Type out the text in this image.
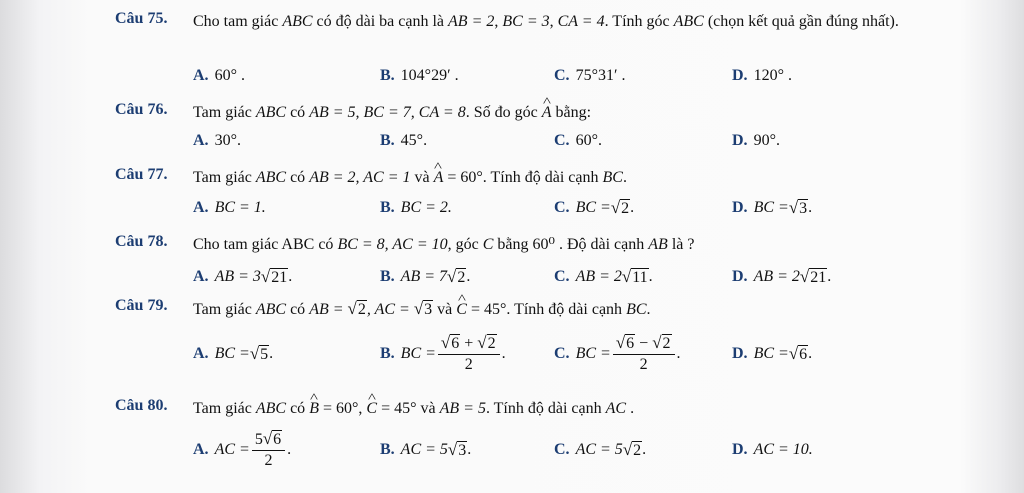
Câu 75. Cho tam giác ABC có độ dài ba cạnh là AB = 2, BC = 3, CA = 4. Tính góc ABC (chọn kết quả gần đúng nhất).
A. 60° .	B. 104°29′ .	C. 75°31′ .	D. 120° .
Câu 76. Tam giác ABC có AB = 5, BC = 7, CA = 8. Số đo góc ^ A bằng:
A. 30°.	B. 45°.	C. 60°.	D. 90°.
Câu 77. Tam giác ABC có AB = 2, AC = 1 và ^ A = 60°. Tính độ dài cạnh BC.
A. BC = 1.	B. BC = 2.	C. BC = √2 .	D. BC = √3 .
Câu 78. Cho tam giác ABC có BC = 8, AC = 10, góc C bằng 60⁰ . Độ dài cạnh AB là ?
A. AB = 3 √21 .	B. AB = 7 √2 .	C. AB = 2 √11 .	D. AB = 2 √21 .
Câu 79. Tam giác ABC có AB = √2, AC = √3 và ^ C = 45°. Tính độ dài cạnh BC.
A. BC = √5 .	B. BC = $\frac{√6 + √2}{2}$ .	C. BC = $\frac{√6 - √2}{2}$ .	D. BC = √6 .
Câu 80. Tam giác ABC có ^ B = 60°, ^ C = 45° và AB = 5. Tính độ dài cạnh AC .
A. AC = $\frac{5√6}{2}$ .	B. AC = 5 √3 .	C. AC = 5 √2 .	D. AC = 10.
